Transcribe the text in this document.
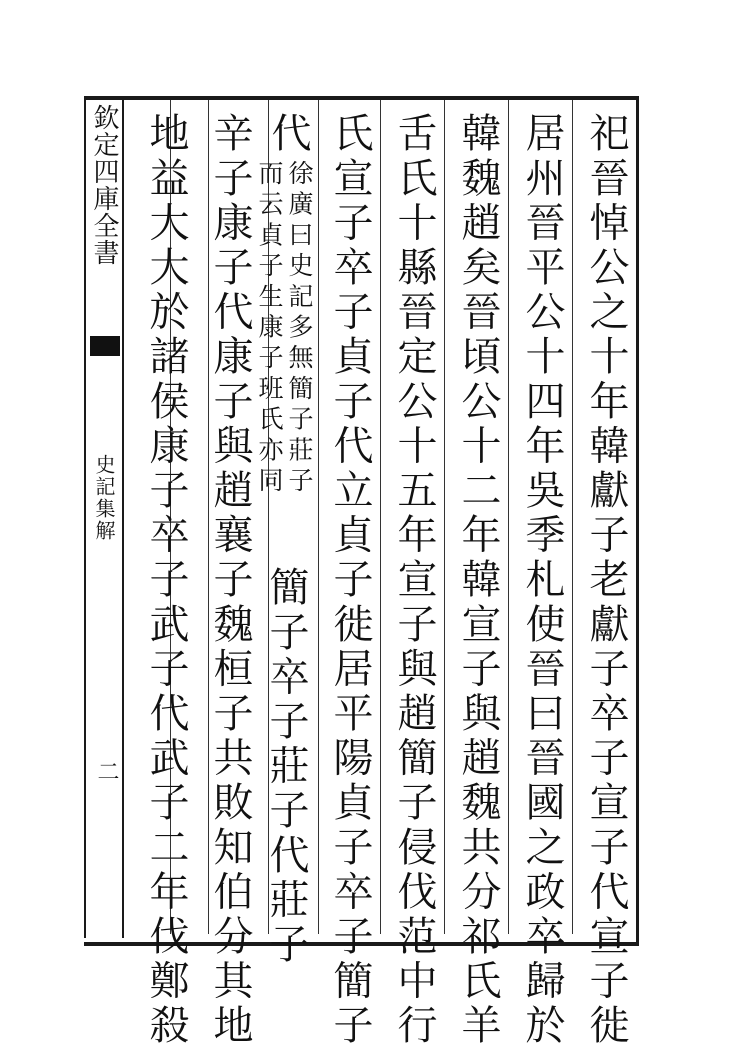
欽定四庫全書
史記集解
二	祀晉悼公之十年韓獻子老獻子卒子宣子代宣子徙
居州晉平公十四年吳季札使晉曰晉國之政卒歸於
韓魏趙矣晉頃公十二年韓宣子與趙魏共分祁氏羊
舌氏十縣晉定公十五年宣子與趙簡子侵伐范中行
氏宣子卒子貞子代立貞子徙居平陽貞子卒子簡子
代
徐廣曰史記多無簡子莊子
而云貞子生康子班氏亦同
簡子卒子莊子代莊子
辛子康子代康子與趙襄子魏桓子共敗知伯分其地
地益大大於諸侯康子卒子武子代武子二年伐鄭殺
